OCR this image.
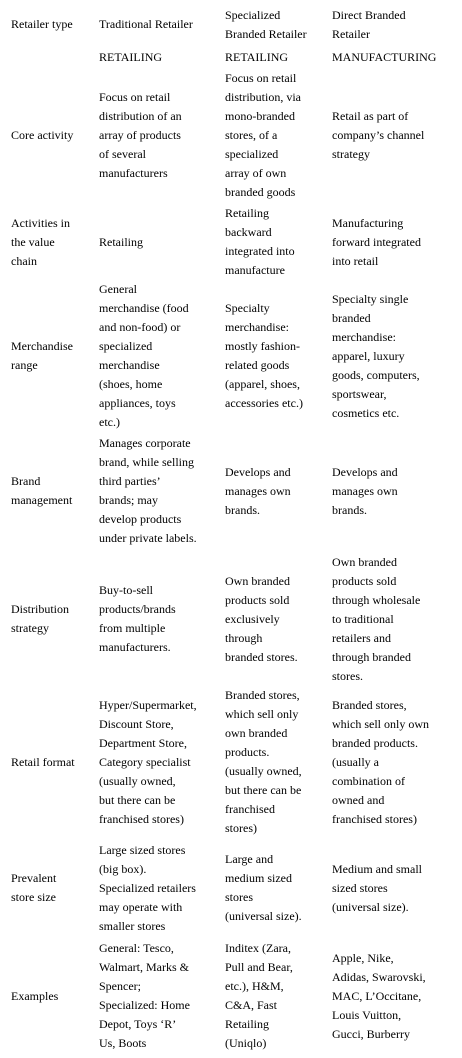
Retailer type Traditional Retailer
Specialized
Branded Retailer
Direct Branded
Retailer
RETAILING	RETAILING	MANUFACTURING
Core activity
Focus on retail
distribution of an
array of products
of several
manufacturers
Focus on retail
distribution, via
mono-branded
stores, of a
specialized
array of own
branded goods
Retail as part of
company’s channel
strategy
Activities in
the value
chain
Retailing
Retailing
backward
integrated into
manufacture
Manufacturing
forward integrated
into retail
Merchandise
range
General
merchandise (food
and non-food) or
specialized
merchandise
(shoes, home
appliances, toys
etc.)
Specialty
merchandise:
mostly fashion-
related goods
(apparel, shoes,
accessories etc.)
Specialty single
branded
merchandise:
apparel, luxury
goods, computers,
sportswear,
cosmetics etc.
Brand
management
Manages corporate
brand, while selling
third parties’
brands; may
develop products
under private labels.
Develops and
manages own
brands.
Develops and
manages own
brands.
Distribution
strategy
Buy-to-sell
products/brands
from multiple
manufacturers.
Own branded
products sold
exclusively
through
branded stores.
Own branded
products sold
through wholesale
to traditional
retailers and
through branded
stores.
Retail format
Hyper/Supermarket,
Discount Store,
Department Store,
Category specialist
(usually owned,
but there can be
franchised stores)
Branded stores,
which sell only
own branded
products.
(usually owned,
but there can be
franchised
stores)
Branded stores,
which sell only own
branded products.
(usually a
combination of
owned and
franchised stores)
Prevalent
store size
Large sized stores
(big box).
Specialized retailers
may operate with
smaller stores
Large and
medium sized
stores
(universal size).
Medium and small
sized stores
(universal size).
Examples
General: Tesco,
Walmart, Marks &
Spencer;
Specialized: Home
Depot, Toys ‘R’
Us, Boots
Inditex (Zara,
Pull and Bear,
etc.), H&M,
C&A, Fast
Retailing
(Uniqlo)
Apple, Nike,
Adidas, Swarovski,
MAC, L’Occitane,
Louis Vuitton,
Gucci, Burberry
